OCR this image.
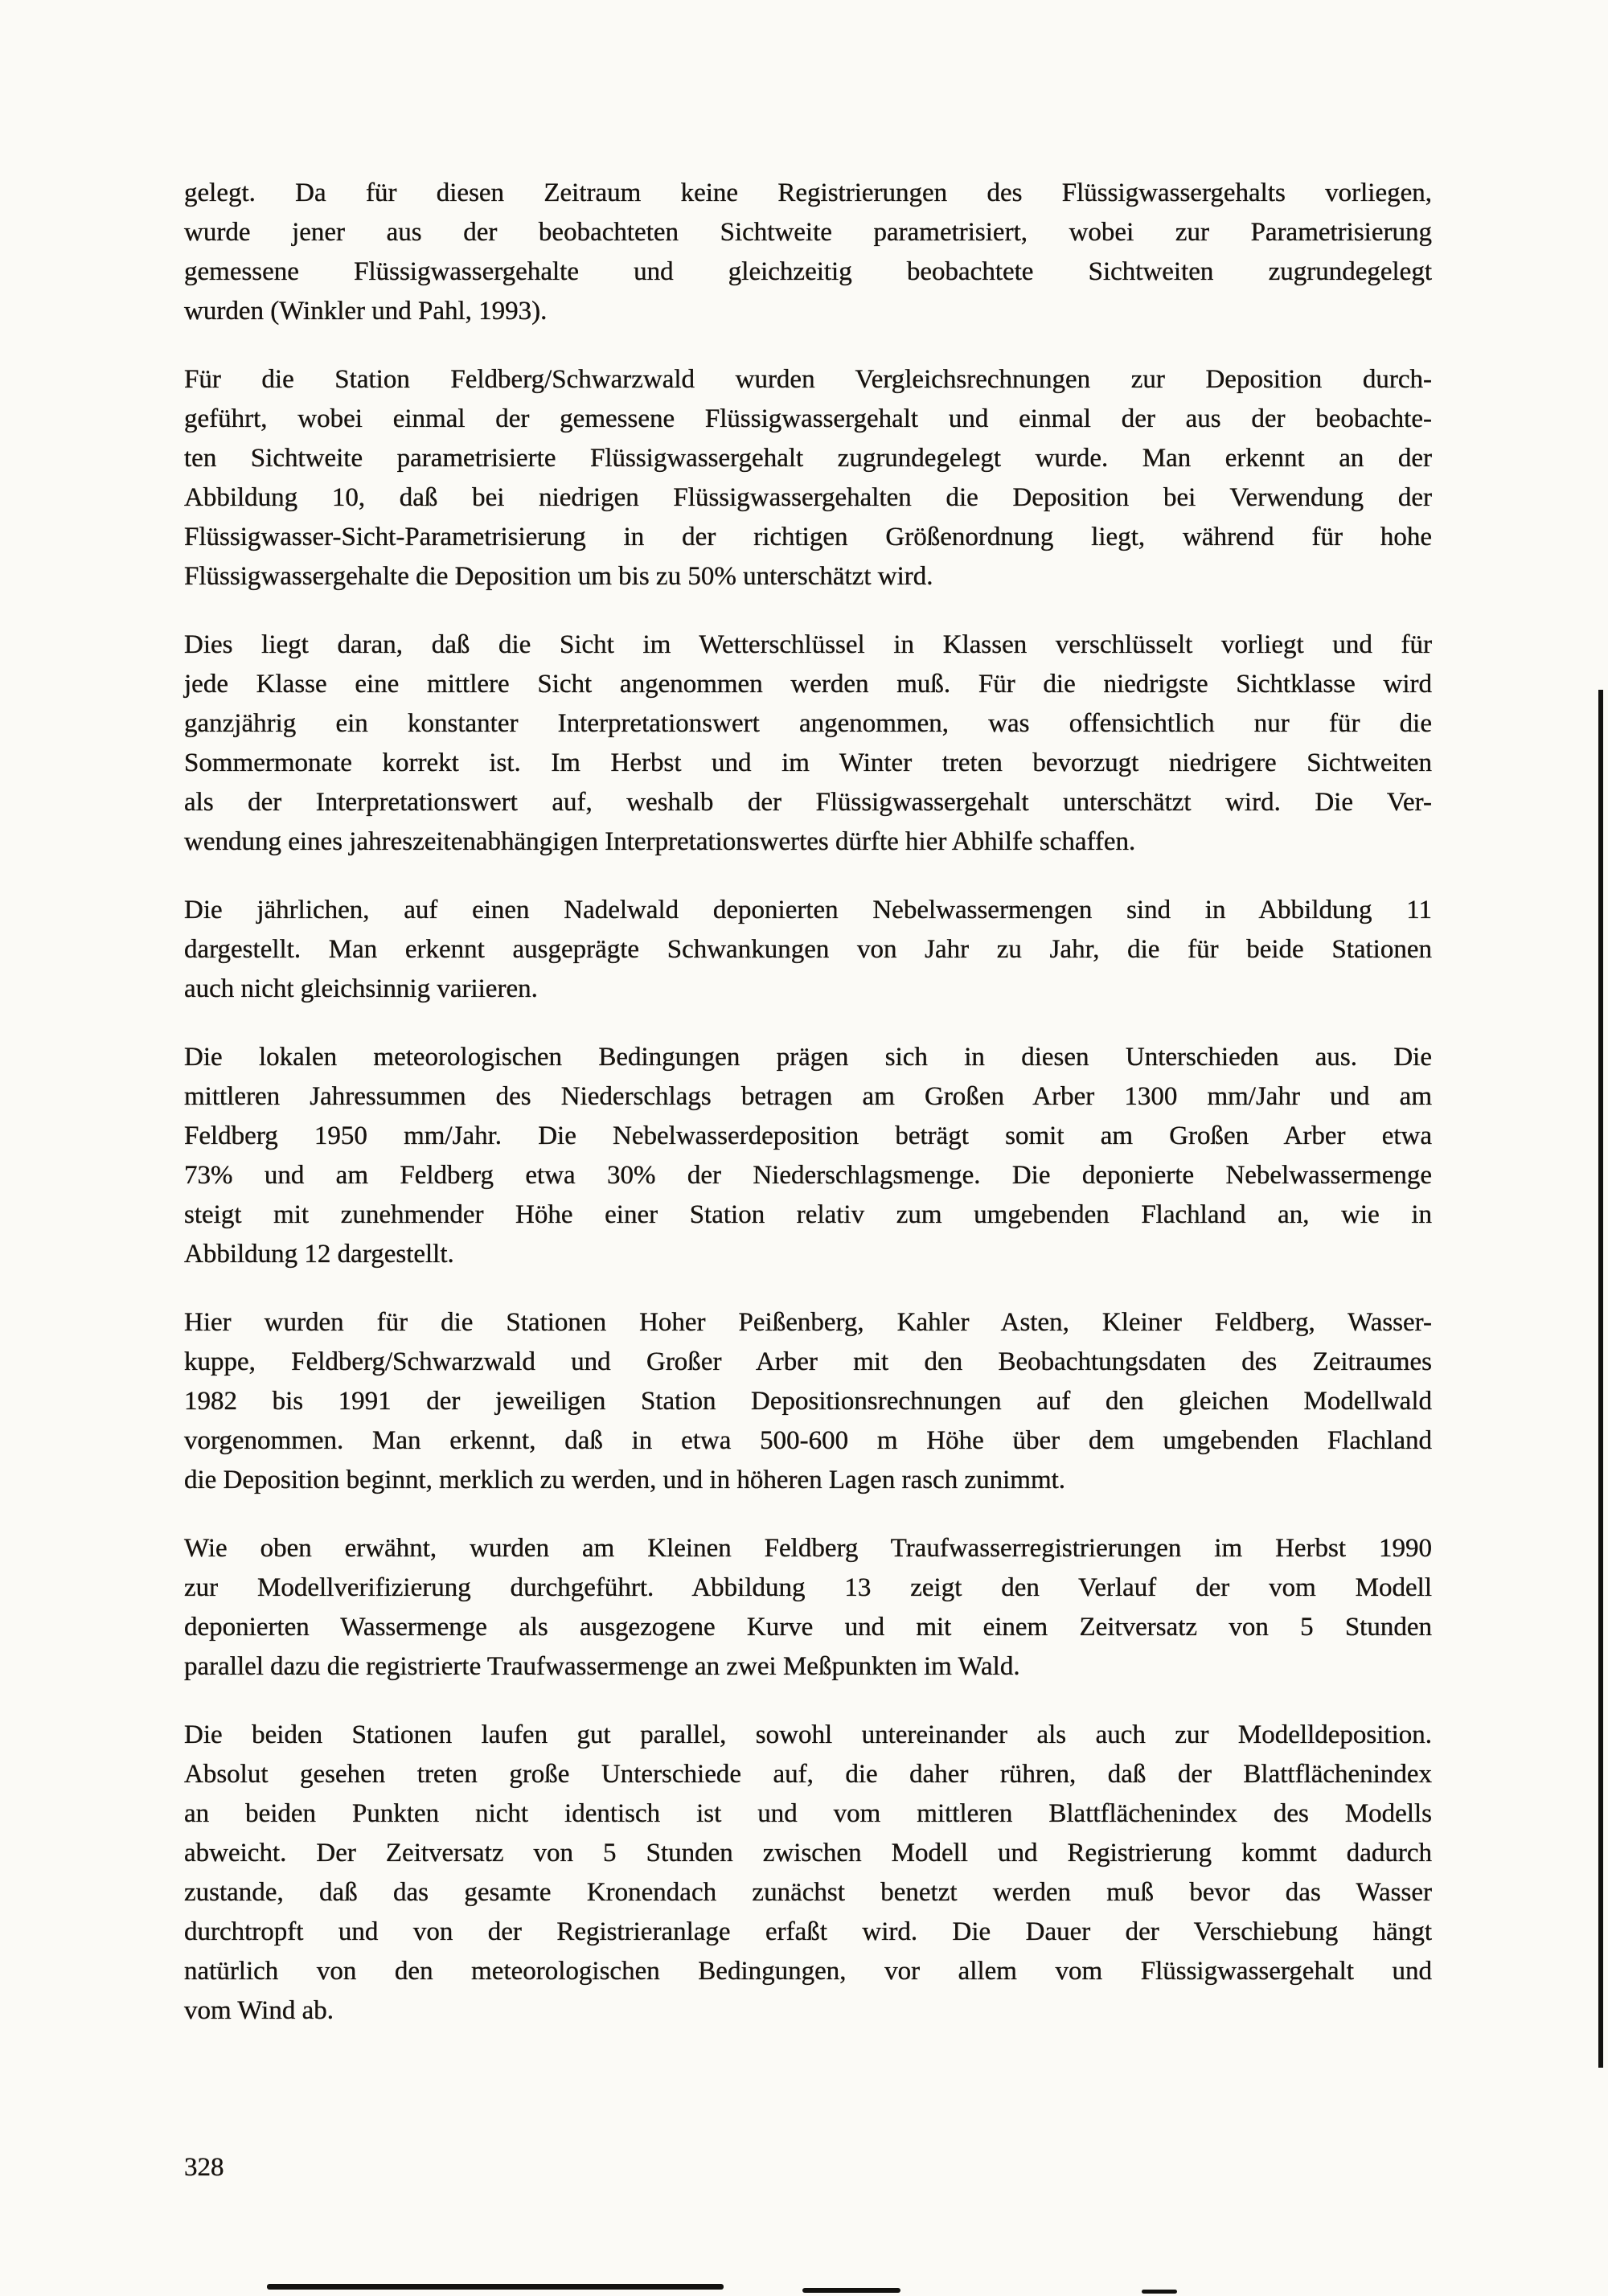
gelegt. Da für diesen Zeitraum keine Registrierungen des Flüssigwassergehalts vorliegen,
wurde jener aus der beobachteten Sichtweite parametrisiert, wobei zur Parametrisierung
gemessene Flüssigwassergehalte und gleichzeitig beobachtete Sichtweiten zugrundegelegt
wurden (Winkler und Pahl, 1993).
Für die Station Feldberg/Schwarzwald wurden Vergleichsrechnungen zur Deposition durch-
geführt, wobei einmal der gemessene Flüssigwassergehalt und einmal der aus der beobachte-
ten Sichtweite parametrisierte Flüssigwassergehalt zugrundegelegt wurde. Man erkennt an der
Abbildung 10, daß bei niedrigen Flüssigwassergehalten die Deposition bei Verwendung der
Flüssigwasser-Sicht-Parametrisierung in der richtigen Größenordnung liegt, während für hohe
Flüssigwassergehalte die Deposition um bis zu 50% unterschätzt wird.
Dies liegt daran, daß die Sicht im Wetterschlüssel in Klassen verschlüsselt vorliegt und für
jede Klasse eine mittlere Sicht angenommen werden muß. Für die niedrigste Sichtklasse wird
ganzjährig ein konstanter Interpretationswert angenommen, was offensichtlich nur für die
Sommermonate korrekt ist. Im Herbst und im Winter treten bevorzugt niedrigere Sichtweiten
als der Interpretationswert auf, weshalb der Flüssigwassergehalt unterschätzt wird. Die Ver-
wendung eines jahreszeitenabhängigen Interpretationswertes dürfte hier Abhilfe schaffen.
Die jährlichen, auf einen Nadelwald deponierten Nebelwassermengen sind in Abbildung 11
dargestellt. Man erkennt ausgeprägte Schwankungen von Jahr zu Jahr, die für beide Stationen
auch nicht gleichsinnig variieren.
Die lokalen meteorologischen Bedingungen prägen sich in diesen Unterschieden aus. Die
mittleren Jahressummen des Niederschlags betragen am Großen Arber 1300 mm/Jahr und am
Feldberg 1950 mm/Jahr. Die Nebelwasserdeposition beträgt somit am Großen Arber etwa
73% und am Feldberg etwa 30% der Niederschlagsmenge. Die deponierte Nebelwassermenge
steigt mit zunehmender Höhe einer Station relativ zum umgebenden Flachland an, wie in
Abbildung 12 dargestellt.
Hier wurden für die Stationen Hoher Peißenberg, Kahler Asten, Kleiner Feldberg, Wasser-
kuppe, Feldberg/Schwarzwald und Großer Arber mit den Beobachtungsdaten des Zeitraumes
1982 bis 1991 der jeweiligen Station Depositionsrechnungen auf den gleichen Modellwald
vorgenommen. Man erkennt, daß in etwa 500-600 m Höhe über dem umgebenden Flachland
die Deposition beginnt, merklich zu werden, und in höheren Lagen rasch zunimmt.
Wie oben erwähnt, wurden am Kleinen Feldberg Traufwasserregistrierungen im Herbst 1990
zur Modellverifizierung durchgeführt. Abbildung 13 zeigt den Verlauf der vom Modell
deponierten Wassermenge als ausgezogene Kurve und mit einem Zeitversatz von 5 Stunden
parallel dazu die registrierte Traufwassermenge an zwei Meßpunkten im Wald.
Die beiden Stationen laufen gut parallel, sowohl untereinander als auch zur Modelldeposition.
Absolut gesehen treten große Unterschiede auf, die daher rühren, daß der Blattflächenindex
an beiden Punkten nicht identisch ist und vom mittleren Blattflächenindex des Modells
abweicht. Der Zeitversatz von 5 Stunden zwischen Modell und Registrierung kommt dadurch
zustande, daß das gesamte Kronendach zunächst benetzt werden muß bevor das Wasser
durchtropft und von der Registrieranlage erfaßt wird. Die Dauer der Verschiebung hängt
natürlich von den meteorologischen Bedingungen, vor allem vom Flüssigwassergehalt und
vom Wind ab.
328
